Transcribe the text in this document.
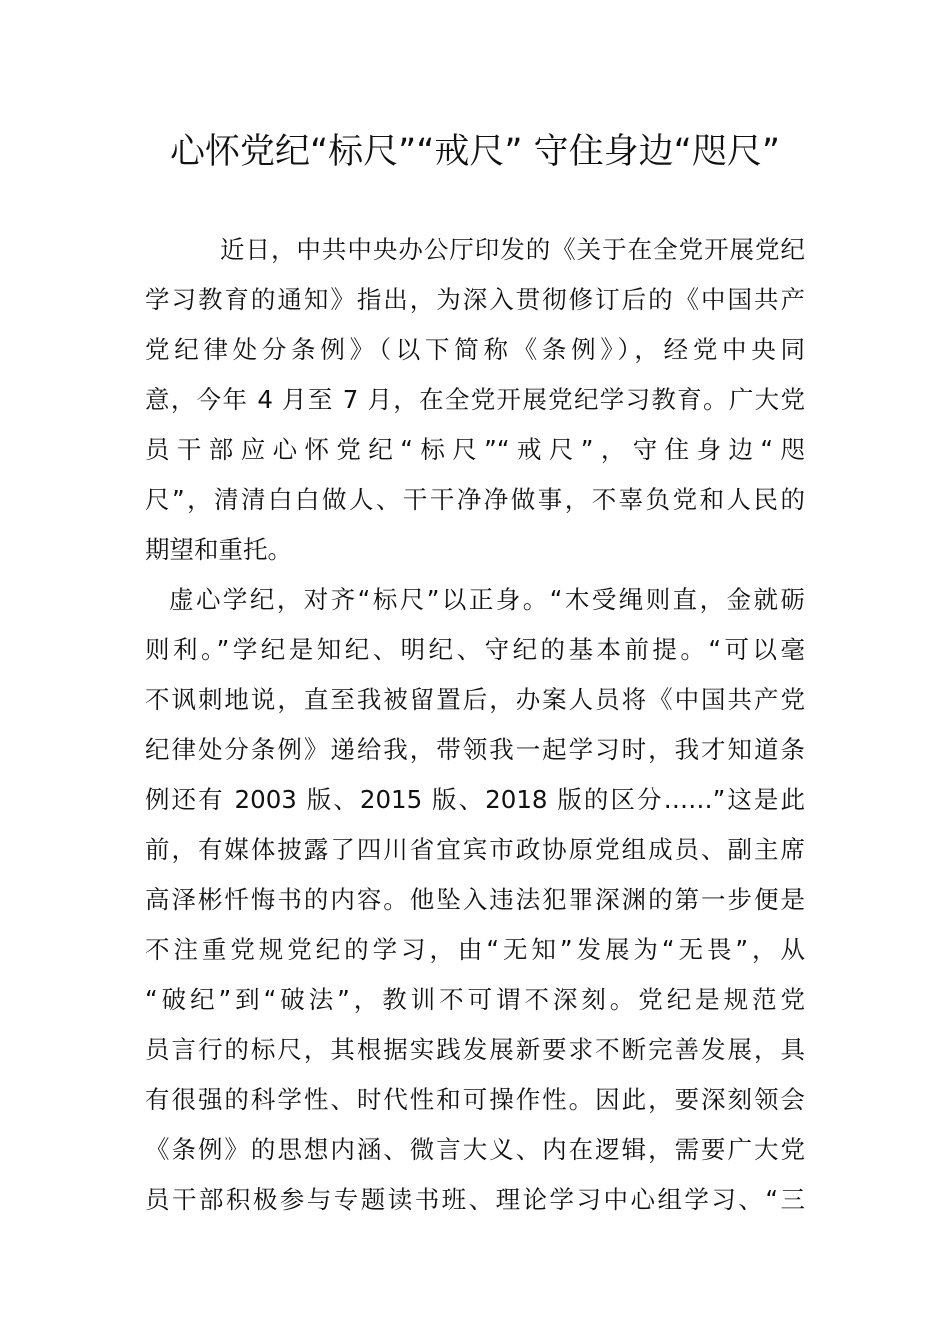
心怀党纪“标尺”“戒尺” 守住身边“咫尺”
近日，中共中央办公厅印发的《关于在全党开展党纪
学习教育的通知》指出，为深入贯彻修订后的《中国共产
党纪律处分条例》（以下简称《条例》），经党中央同
意，今年 4 月至 7 月，在全党开展党纪学习教育。广大党
员干部应心怀党纪“标尺”“戒尺”，守住身边“咫
尺”，清清白白做人、干干净净做事，不辜负党和人民的
期望和重托。
虚心学纪，对齐“标尺”以正身。“木受绳则直，金就砺
则利。”学纪是知纪、明纪、守纪的基本前提。“可以毫
不讽刺地说，直至我被留置后，办案人员将《中国共产党
纪律处分条例》递给我，带领我一起学习时，我才知道条
例还有 2003 版、2015 版、2018 版的区分……”这是此
前，有媒体披露了四川省宜宾市政协原党组成员、副主席
高泽彬忏悔书的内容。他坠入违法犯罪深渊的第一步便是
不注重党规党纪的学习，由“无知”发展为“无畏”，从
“破纪”到“破法”，教训不可谓不深刻。党纪是规范党
员言行的标尺，其根据实践发展新要求不断完善发展，具
有很强的科学性、时代性和可操作性。因此，要深刻领会
《条例》的思想内涵、微言大义、内在逻辑，需要广大党
员干部积极参与专题读书班、理论学习中心组学习、“三
